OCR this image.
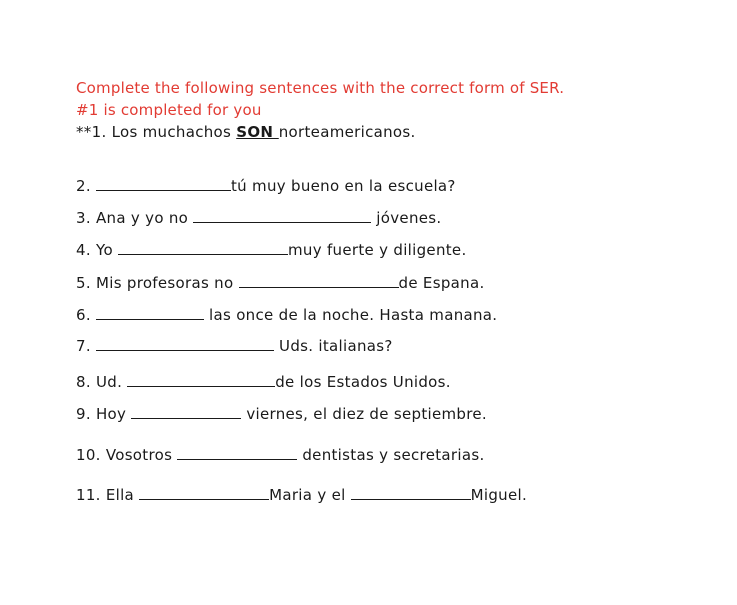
Complete the following sentences with the correct form of SER.
#1 is completed for you
**1. Los muchachos SON norteamericanos.
2.	tú muy bueno en la escuela?
3. Ana y yo no	jóvenes.
4. Yo	muy fuerte y diligente.
5. Mis profesoras no	de Espana.
6.	las once de la noche. Hasta manana.
7.	Uds. italianas?
8. Ud.	de los Estados Unidos.
9. Hoy	viernes, el diez de septiembre.
10. Vosotros	dentistas y secretarias.
11. Ella	Maria y el	Miguel.
